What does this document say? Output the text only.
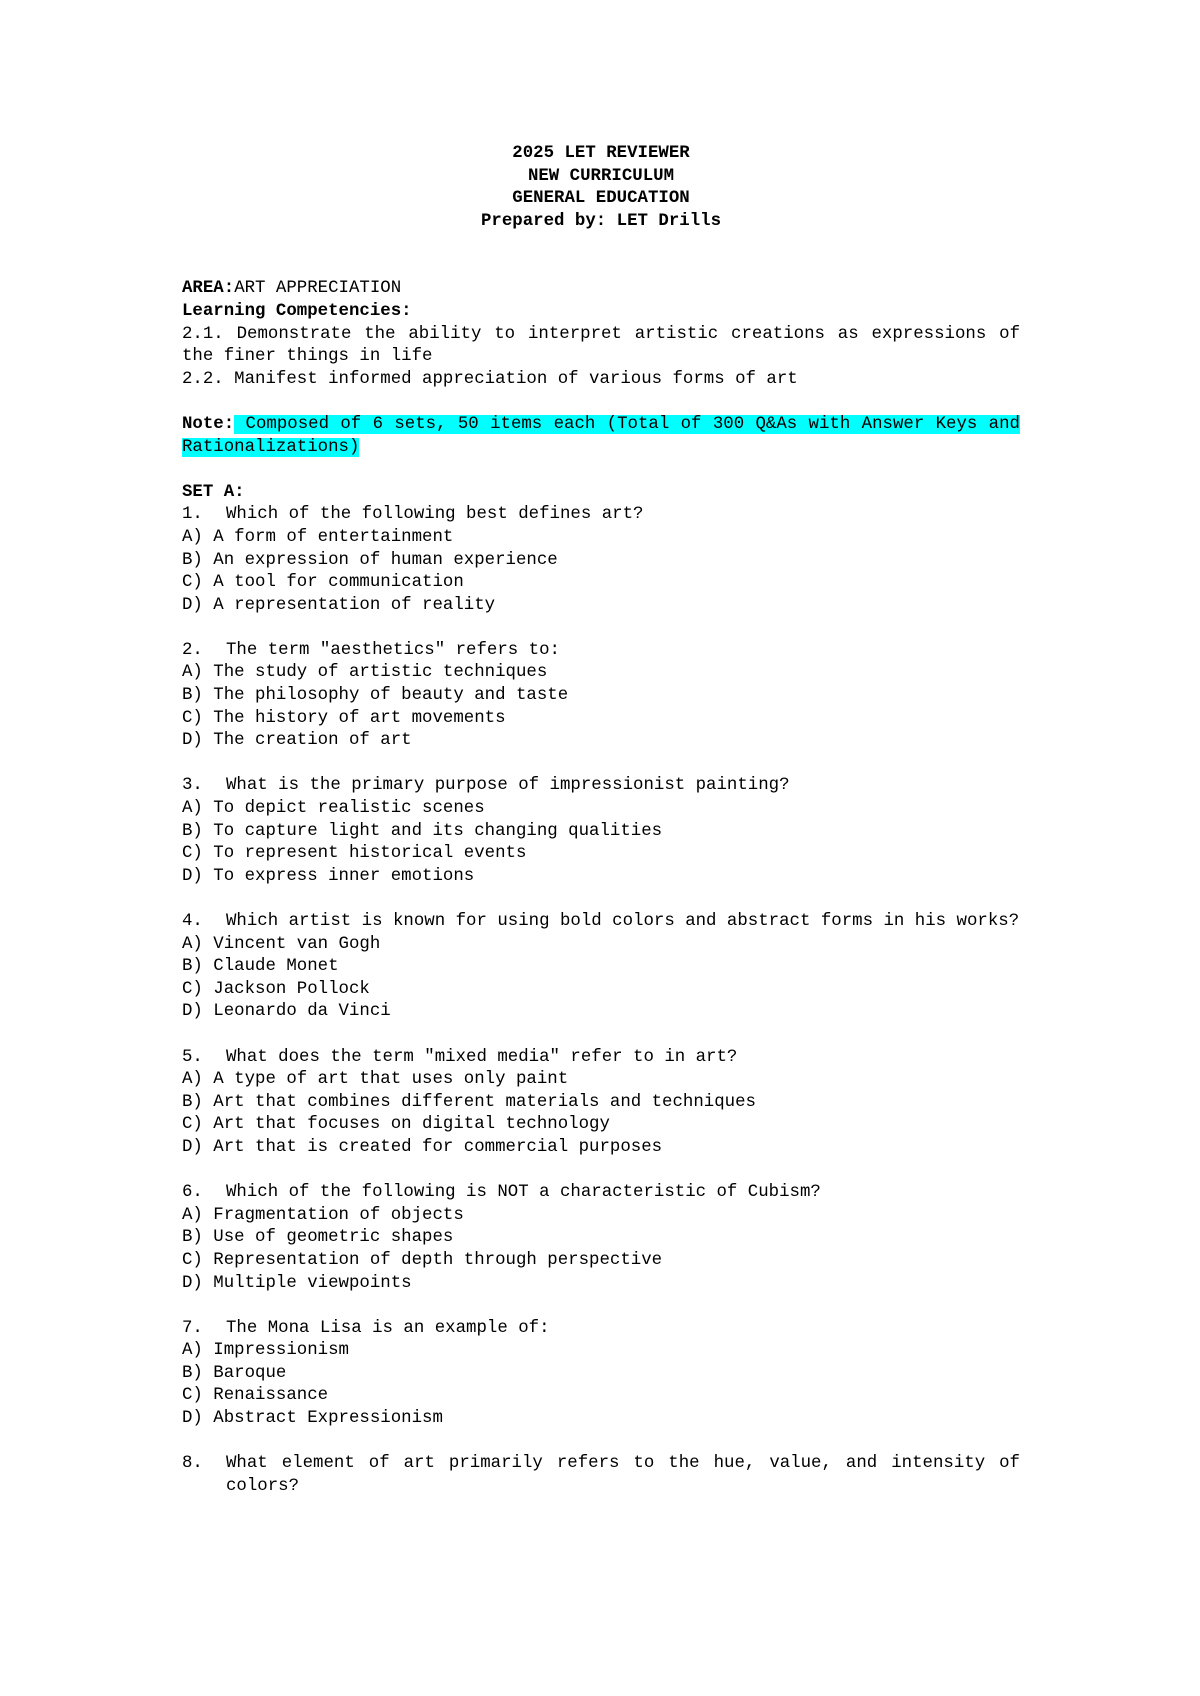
2025 LET REVIEWER
NEW CURRICULUM
GENERAL EDUCATION
Prepared by: LET Drills
AREA:ART APPRECIATION
Learning Competencies:
2.1. Demonstrate the ability to interpret artistic creations as expressions of the finer things in life
2.2. Manifest informed appreciation of various forms of art
Note: Composed of 6 sets, 50 items each (Total of 300 Q&As with Answer Keys and Rationalizations)
SET A:
1.	Which of the following best defines art?
A) A form of entertainment
B) An expression of human experience
C) A tool for communication
D) A representation of reality
2.	The term "aesthetics" refers to:
A) The study of artistic techniques
B) The philosophy of beauty and taste
C) The history of art movements
D) The creation of art
3.	What is the primary purpose of impressionist painting?
A) To depict realistic scenes
B) To capture light and its changing qualities
C) To represent historical events
D) To express inner emotions
4.	Which artist is known for using bold colors and abstract forms in his works?
A) Vincent van Gogh
B) Claude Monet
C) Jackson Pollock
D) Leonardo da Vinci
5.	What does the term "mixed media" refer to in art?
A) A type of art that uses only paint
B) Art that combines different materials and techniques
C) Art that focuses on digital technology
D) Art that is created for commercial purposes
6.	Which of the following is NOT a characteristic of Cubism?
A) Fragmentation of objects
B) Use of geometric shapes
C) Representation of depth through perspective
D) Multiple viewpoints
7.	The Mona Lisa is an example of:
A) Impressionism
B) Baroque
C) Renaissance
D) Abstract Expressionism
8.	What element of art primarily refers to the hue, value, and intensity of colors?
